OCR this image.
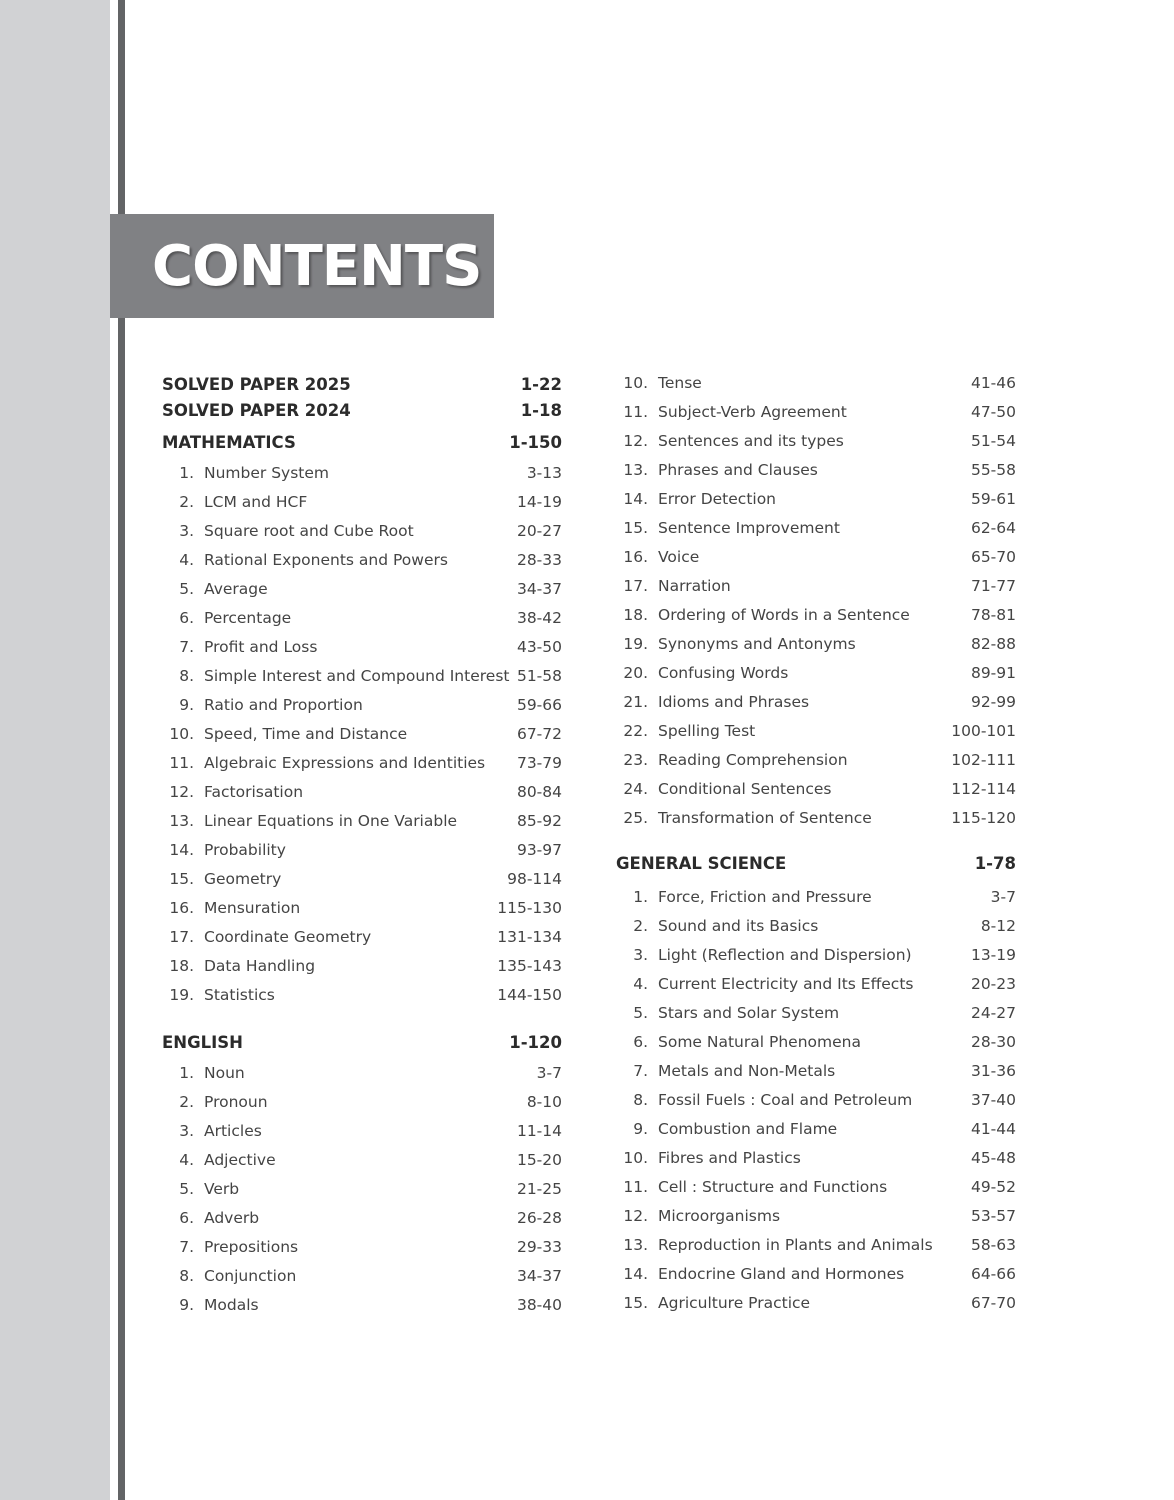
CONTENTS
SOLVED PAPER 2025	1-22
SOLVED PAPER 2024	1-18
MATHEMATICS	1-150
1. Number System	3-13
2. LCM and HCF	14-19
3. Square root and Cube Root	20-27
4. Rational Exponents and Powers	28-33
5. Average	34-37
6. Percentage	38-42
7. Profit and Loss	43-50
8. Simple Interest and Compound Interest 51-58
9. Ratio and Proportion	59-66
10. Speed, Time and Distance	67-72
11. Algebraic Expressions and Identities	73-79
12. Factorisation	80-84
13. Linear Equations in One Variable	85-92
14. Probability	93-97
15. Geometry	98-114
16. Mensuration	115-130
17. Coordinate Geometry	131-134
18. Data Handling	135-143
19. Statistics	144-150
ENGLISH	1-120
1. Noun	3-7
2. Pronoun	8-10
3. Articles	11-14
4. Adjective	15-20
5. Verb	21-25
6. Adverb	26-28
7. Prepositions	29-33
8. Conjunction	34-37
9. Modals	38-40
10. Tense	41-46
11. Subject-Verb Agreement	47-50
12. Sentences and its types	51-54
13. Phrases and Clauses	55-58
14. Error Detection	59-61
15. Sentence Improvement	62-64
16. Voice	65-70
17. Narration	71-77
18. Ordering of Words in a Sentence	78-81
19. Synonyms and Antonyms	82-88
20. Confusing Words	89-91
21. Idioms and Phrases	92-99
22. Spelling Test	100-101
23. Reading Comprehension	102-111
24. Conditional Sentences	112-114
25. Transformation of Sentence	115-120
GENERAL SCIENCE	1-78
1. Force, Friction and Pressure	3-7
2. Sound and its Basics	8-12
3. Light (Reflection and Dispersion)	13-19
4. Current Electricity and Its Effects	20-23
5. Stars and Solar System	24-27
6. Some Natural Phenomena	28-30
7. Metals and Non-Metals	31-36
8. Fossil Fuels : Coal and Petroleum	37-40
9. Combustion and Flame	41-44
10. Fibres and Plastics	45-48
11. Cell : Structure and Functions	49-52
12. Microorganisms	53-57
13. Reproduction in Plants and Animals	58-63
14. Endocrine Gland and Hormones	64-66
15. Agriculture Practice	67-70
